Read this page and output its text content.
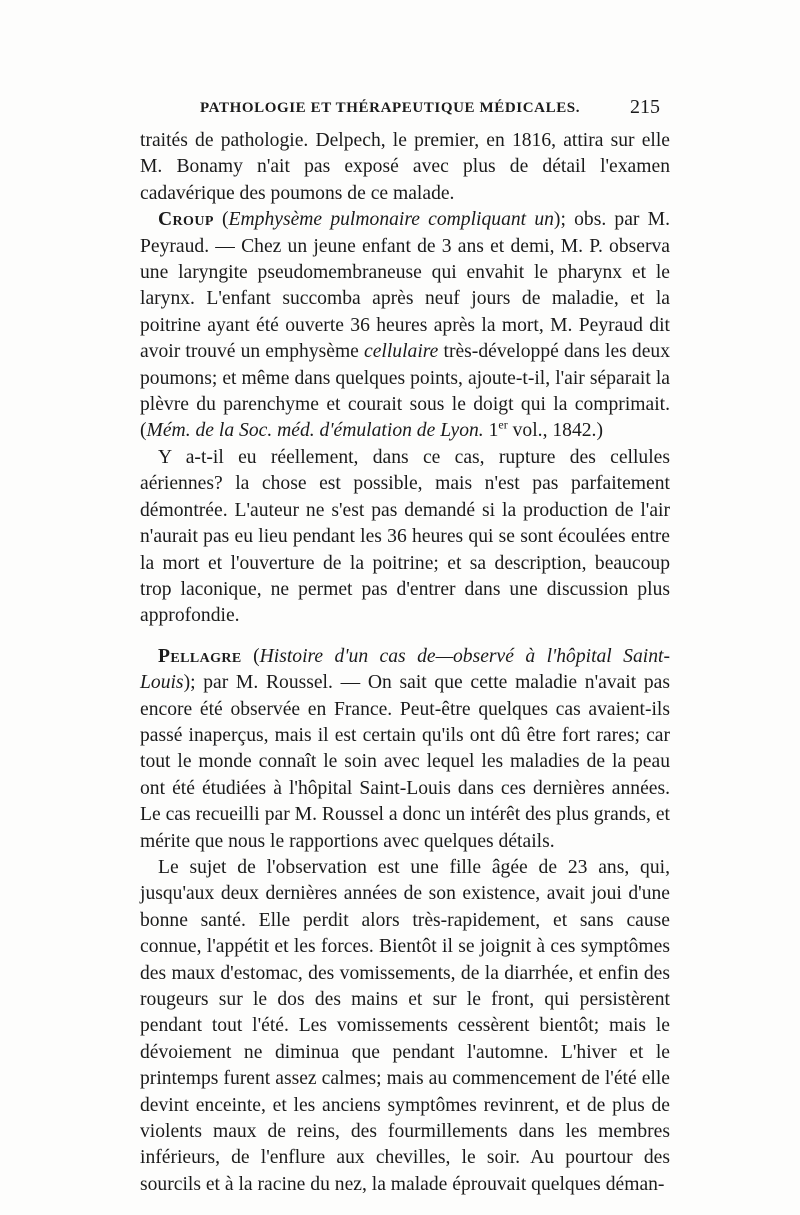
PATHOLOGIE ET THÉRAPEUTIQUE MÉDICALES. 215

traités de pathologie. Delpech, le premier, en 1816, attira sur elle M. Bonamy n'ait pas exposé avec plus de détail l'examen cadavérique des poumons de ce malade.

Croup (Emphysème pulmonaire compliquant un); obs. par M. Peyraud. — Chez un jeune enfant de 3 ans et demi, M. P. observa une laryngite pseudomembraneuse qui envahit le pharynx et le larynx. L'enfant succomba après neuf jours de maladie, et la poitrine ayant été ouverte 36 heures après la mort, M. Peyraud dit avoir trouvé un emphysème cellulaire très-développé dans les deux poumons; et même dans quelques points, ajoute-t-il, l'air séparait la plèvre du parenchyme et courait sous le doigt qui la comprimait. (Mém. de la Soc. méd. d'émulation de Lyon. 1er vol., 1842.)

Y a-t-il eu réellement, dans ce cas, rupture des cellules aériennes? la chose est possible, mais n'est pas parfaitement démontrée. L'auteur ne s'est pas demandé si la production de l'air n'aurait pas eu lieu pendant les 36 heures qui se sont écoulées entre la mort et l'ouverture de la poitrine; et sa description, beaucoup trop laconique, ne permet pas d'entrer dans une discussion plus approfondie.

Pellagre (Histoire d'un cas de—observé à l'hôpital Saint-Louis); par M. Roussel. — On sait que cette maladie n'avait pas encore été observée en France. Peut-être quelques cas avaient-ils passé inaperçus, mais il est certain qu'ils ont dû être fort rares; car tout le monde connaît le soin avec lequel les maladies de la peau ont été étudiées à l'hôpital Saint-Louis dans ces dernières années. Le cas recueilli par M. Roussel a donc un intérêt des plus grands, et mérite que nous le rapportions avec quelques détails.

Le sujet de l'observation est une fille âgée de 23 ans, qui, jusqu'aux deux dernières années de son existence, avait joui d'une bonne santé. Elle perdit alors très-rapidement, et sans cause connue, l'appétit et les forces. Bientôt il se joignit à ces symptômes des maux d'estomac, des vomissements, de la diarrhée, et enfin des rougeurs sur le dos des mains et sur le front, qui persistèrent pendant tout l'été. Les vomissements cessèrent bientôt; mais le dévoiement ne diminua que pendant l'automne. L'hiver et le printemps furent assez calmes; mais au commencement de l'été elle devint enceinte, et les anciens symptômes revinrent, et de plus de violents maux de reins, des fourmillements dans les membres inférieurs, de l'enflure aux chevilles, le soir. Au pourtour des sourcils et à la racine du nez, la malade éprouvait quelques déman-
